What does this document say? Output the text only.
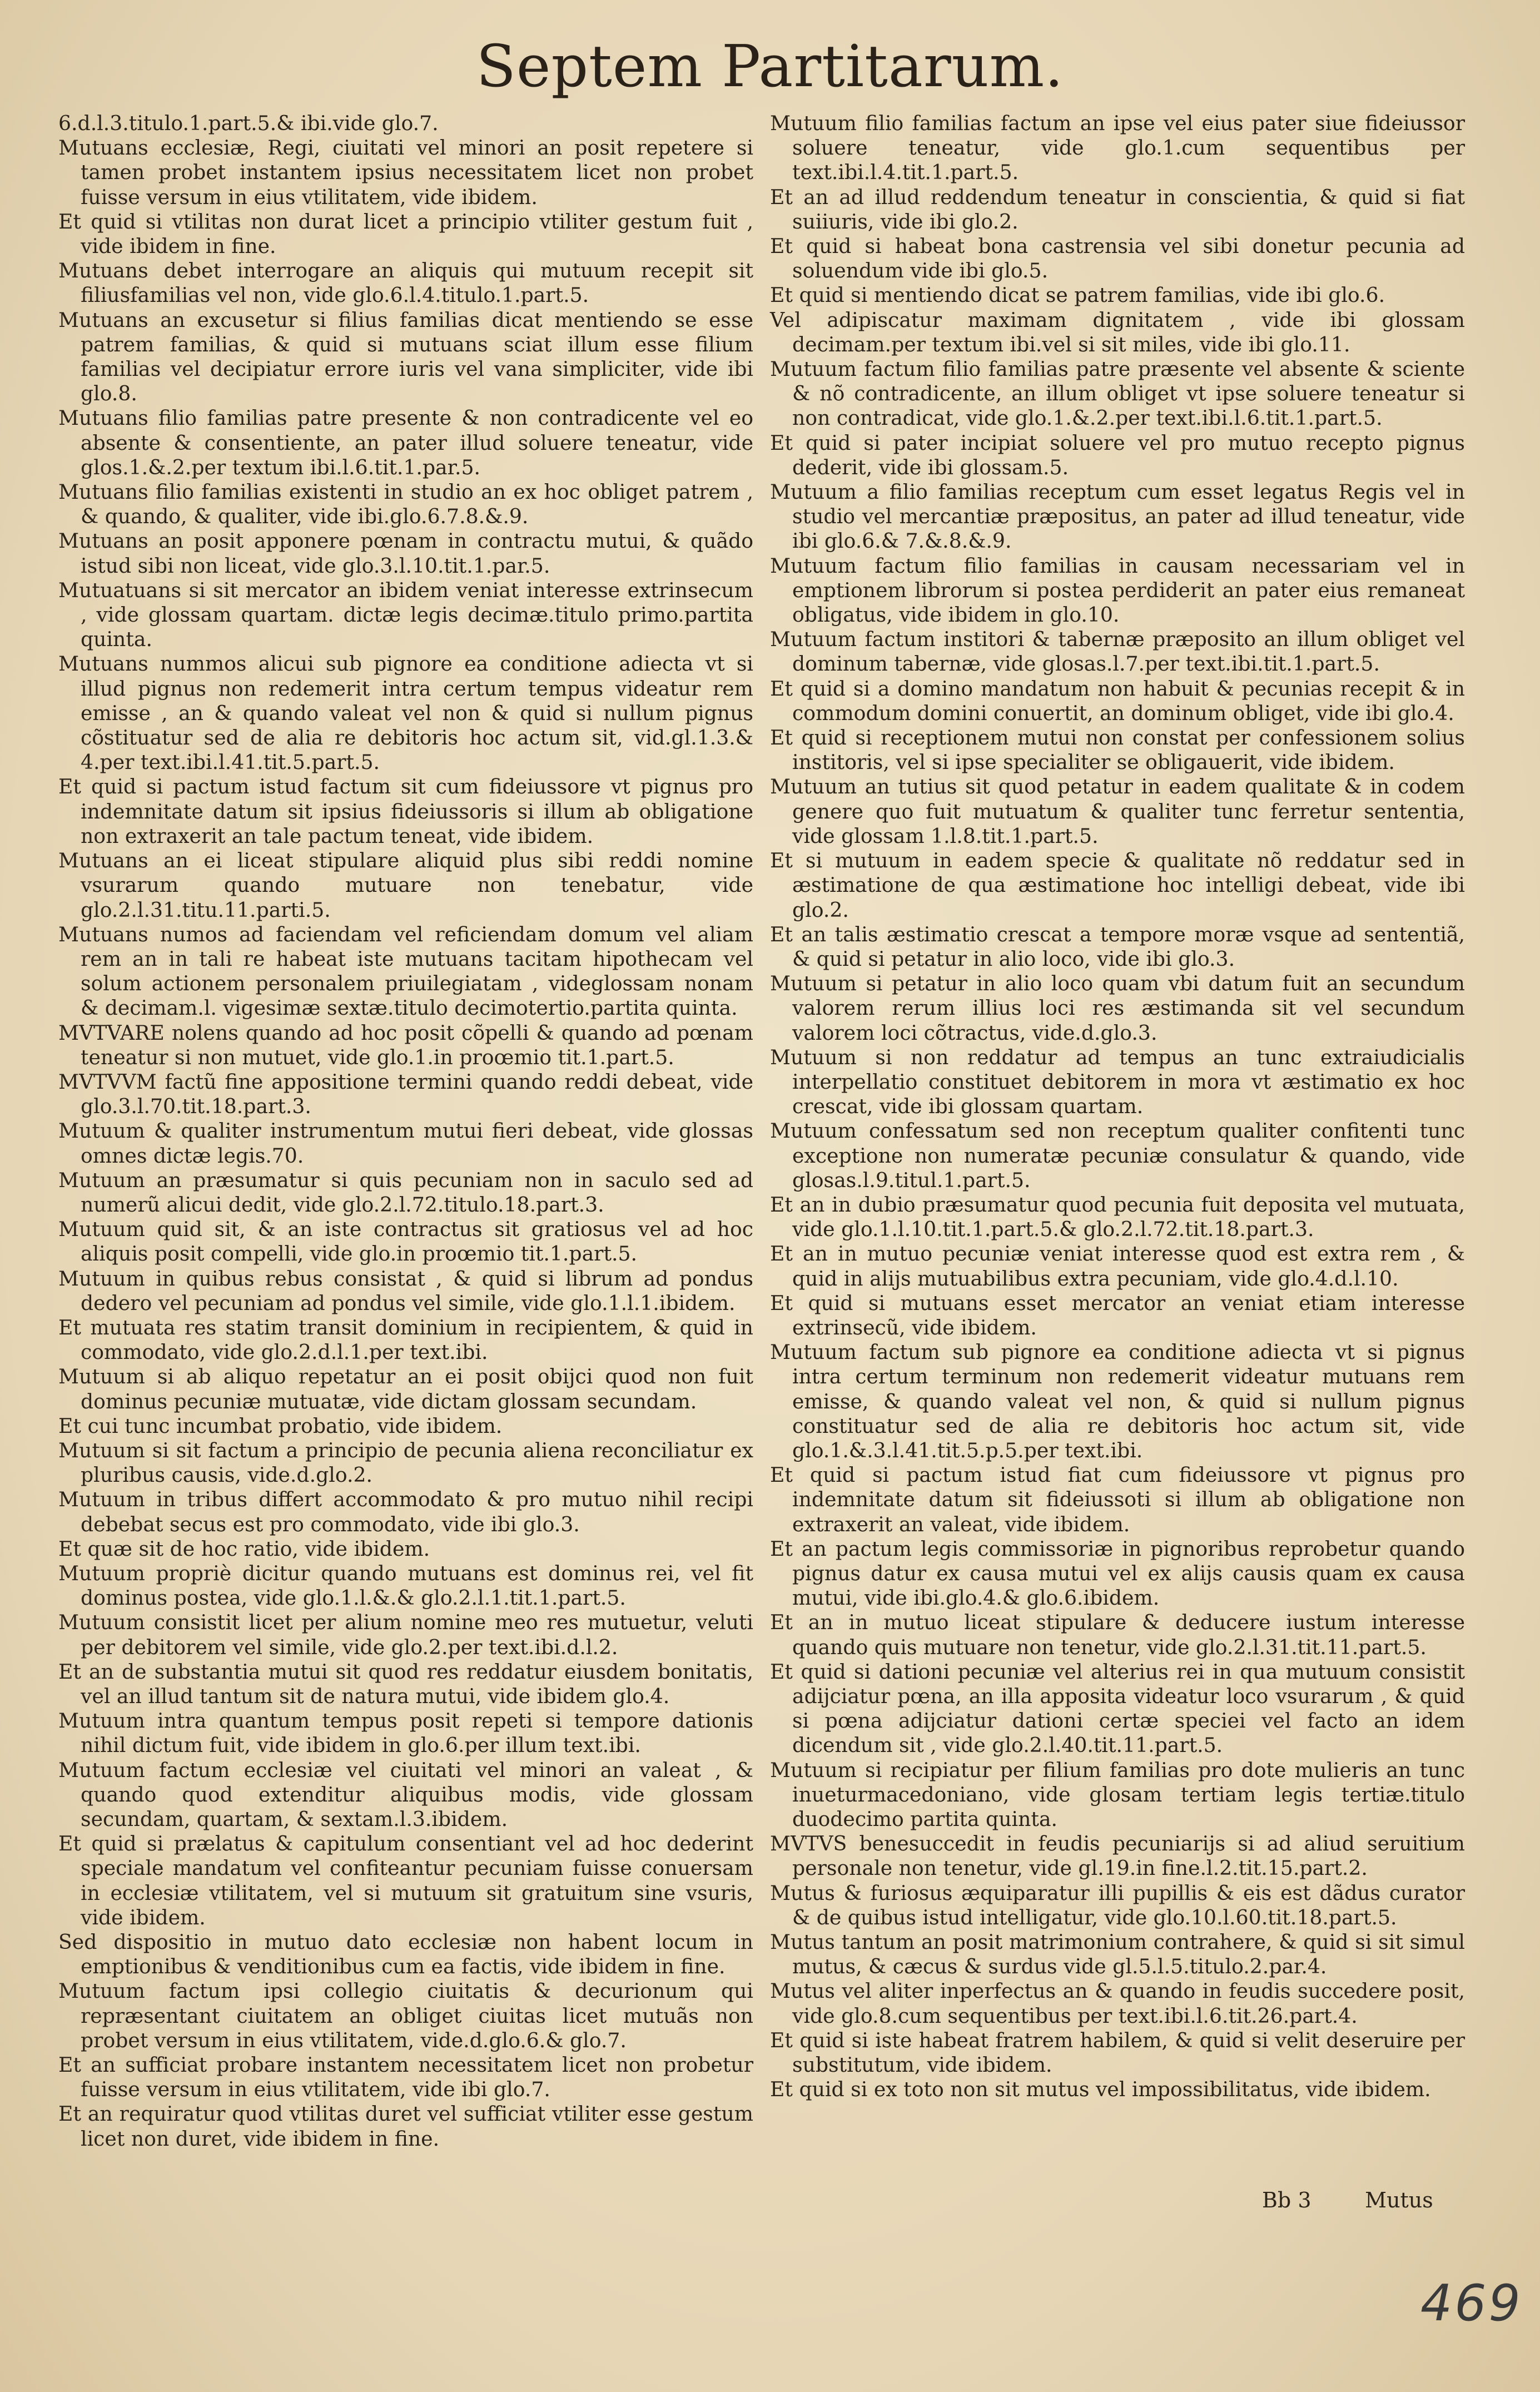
Septem Partitarum.
6.d.l.3.titulo.1.part.5.& ibi.vide glo.7.
Mutuans ecclesiæ, Regi, ciuitati vel minori an posit repetere si tamen probet instantem ipsius necessitatem licet non probet fuisse versum in eius vtilitatem, vide ibidem.
Et quid si vtilitas non durat licet a principio vtiliter gestum fuit , vide ibidem in fine.
Mutuans debet interrogare an aliquis qui mutuum recepit sit filiusfamilias vel non, vide glo.6.l.4.titulo.1.part.5.
Mutuans an excusetur si filius familias dicat mentiendo se esse patrem familias, & quid si mutuans sciat illum esse filium familias vel decipiatur errore iuris vel vana simpliciter, vide ibi glo.8.
Mutuans filio familias patre presente & non contradicente vel eo absente & consentiente, an pater illud soluere teneatur, vide glos.1.&.2.per textum ibi.l.6.tit.1.par.5.
Mutuans filio familias existenti in studio an ex hoc obliget patrem , & quando, & qualiter, vide ibi.glo.6.7.8.&.9.
Mutuans an posit apponere pœnam in contractu mutui, & quãdo istud sibi non liceat, vide glo.3.l.10.tit.1.par.5.
Mutuatuans si sit mercator an ibidem veniat interesse extrinsecum , vide glossam quartam. dictæ legis decimæ.titulo primo.partita quinta.
Mutuans nummos alicui sub pignore ea conditione adiecta vt si illud pignus non redemerit intra certum tempus videatur rem emisse , an & quando valeat vel non & quid si nullum pignus cõstituatur sed de alia re debitoris hoc actum sit, vid.gl.1.3.& 4.per text.ibi.l.41.tit.5.part.5.
Et quid si pactum istud factum sit cum fideiussore vt pignus pro indemnitate datum sit ipsius fideiussoris si illum ab obligatione non extraxerit an tale pactum teneat, vide ibidem.
Mutuans an ei liceat stipulare aliquid plus sibi reddi nomine vsurarum quando mutuare non tenebatur, vide glo.2.l.31.titu.11.parti.5.
Mutuans numos ad faciendam vel reficiendam domum vel aliam rem an in tali re habeat iste mutuans tacitam hipothecam vel solum actionem personalem priuilegiatam , videglossam nonam & decimam.l. vigesimæ sextæ.titulo decimotertio.partita quinta.
MVTVARE nolens quando ad hoc posit cõpelli & quando ad pœnam teneatur si non mutuet, vide glo.1.in proœmio tit.1.part.5.
MVTVVM factũ fine appositione termini quando reddi debeat, vide glo.3.l.70.tit.18.part.3.
Mutuum & qualiter instrumentum mutui fieri debeat, vide glossas omnes dictæ legis.70.
Mutuum an præsumatur si quis pecuniam non in saculo sed ad numerũ alicui dedit, vide glo.2.l.72.titulo.18.part.3.
Mutuum quid sit, & an iste contractus sit gratiosus vel ad hoc aliquis posit compelli, vide glo.in proœmio tit.1.part.5.
Mutuum in quibus rebus consistat , & quid si librum ad pondus dedero vel pecuniam ad pondus vel simile, vide glo.1.l.1.ibidem.
Et mutuata res statim transit dominium in recipientem, & quid in commodato, vide glo.2.d.l.1.per text.ibi.
Mutuum si ab aliquo repetatur an ei posit obijci quod non fuit dominus pecuniæ mutuatæ, vide dictam glossam secundam.
Et cui tunc incumbat probatio, vide ibidem.
Mutuum si sit factum a principio de pecunia aliena reconciliatur ex pluribus causis, vide.d.glo.2.
Mutuum in tribus differt accommodato & pro mutuo nihil recipi debebat secus est pro commodato, vide ibi glo.3.
Et quæ sit de hoc ratio, vide ibidem.
Mutuum propriè dicitur quando mutuans est dominus rei, vel fit dominus postea, vide glo.1.l.&.& glo.2.l.1.tit.1.part.5.
Mutuum consistit licet per alium nomine meo res mutuetur, veluti per debitorem vel simile, vide glo.2.per text.ibi.d.l.2.
Et an de substantia mutui sit quod res reddatur eiusdem bonitatis, vel an illud tantum sit de natura mutui, vide ibidem glo.4.
Mutuum intra quantum tempus posit repeti si tempore dationis nihil dictum fuit, vide ibidem in glo.6.per illum text.ibi.
Mutuum factum ecclesiæ vel ciuitati vel minori an valeat , & quando quod extenditur aliquibus modis, vide glossam secundam, quartam, & sextam.l.3.ibidem.
Et quid si prælatus & capitulum consentiant vel ad hoc dederint speciale mandatum vel confiteantur pecuniam fuisse conuersam in ecclesiæ vtilitatem, vel si mutuum sit gratuitum sine vsuris, vide ibidem.
Sed dispositio in mutuo dato ecclesiæ non habent locum in emptionibus & venditionibus cum ea factis, vide ibidem in fine.
Mutuum factum ipsi collegio ciuitatis & decurionum qui repræsentant ciuitatem an obliget ciuitas licet mutuãs non probet versum in eius vtilitatem, vide.d.glo.6.& glo.7.
Et an sufficiat probare instantem necessitatem licet non probetur fuisse versum in eius vtilitatem, vide ibi glo.7.
Et an requiratur quod vtilitas duret vel sufficiat vtiliter esse gestum licet non duret, vide ibidem in fine.
Mutuum filio familias factum an ipse vel eius pater siue fideiussor soluere teneatur, vide glo.1.cum sequentibus per text.ibi.l.4.tit.1.part.5.
Et an ad illud reddendum teneatur in conscientia, & quid si fiat suiiuris, vide ibi glo.2.
Et quid si habeat bona castrensia vel sibi donetur pecunia ad soluendum vide ibi glo.5.
Et quid si mentiendo dicat se patrem familias, vide ibi glo.6.
Vel adipiscatur maximam dignitatem , vide ibi glossam decimam.per textum ibi.vel si sit miles, vide ibi glo.11.
Mutuum factum filio familias patre præsente vel absente & sciente & nõ contradicente, an illum obliget vt ipse soluere teneatur si non contradicat, vide glo.1.&.2.per text.ibi.l.6.tit.1.part.5.
Et quid si pater incipiat soluere vel pro mutuo recepto pignus dederit, vide ibi glossam.5.
Mutuum a filio familias receptum cum esset legatus Regis vel in studio vel mercantiæ præpositus, an pater ad illud teneatur, vide ibi glo.6.& 7.&.8.&.9.
Mutuum factum filio familias in causam necessariam vel in emptionem librorum si postea perdiderit an pater eius remaneat obligatus, vide ibidem in glo.10.
Mutuum factum institori & tabernæ præposito an illum obliget vel dominum tabernæ, vide glosas.l.7.per text.ibi.tit.1.part.5.
Et quid si a domino mandatum non habuit & pecunias recepit & in commodum domini conuertit, an dominum obliget, vide ibi glo.4.
Et quid si receptionem mutui non constat per confessionem solius institoris, vel si ipse specialiter se obligauerit, vide ibidem.
Mutuum an tutius sit quod petatur in eadem qualitate & in codem genere quo fuit mutuatum & qualiter tunc ferretur sententia, vide glossam 1.l.8.tit.1.part.5.
Et si mutuum in eadem specie & qualitate nõ reddatur sed in æstimatione de qua æstimatione hoc intelligi debeat, vide ibi glo.2.
Et an talis æstimatio crescat a tempore moræ vsque ad sententiã, & quid si petatur in alio loco, vide ibi glo.3.
Mutuum si petatur in alio loco quam vbi datum fuit an secundum valorem rerum illius loci res æstimanda sit vel secundum valorem loci cõtractus, vide.d.glo.3.
Mutuum si non reddatur ad tempus an tunc extraiudicialis interpellatio constituet debitorem in mora vt æstimatio ex hoc crescat, vide ibi glossam quartam.
Mutuum confessatum sed non receptum qualiter confitenti tunc exceptione non numeratæ pecuniæ consulatur & quando, vide glosas.l.9.titul.1.part.5.
Et an in dubio præsumatur quod pecunia fuit deposita vel mutuata, vide glo.1.l.10.tit.1.part.5.& glo.2.l.72.tit.18.part.3.
Et an in mutuo pecuniæ veniat interesse quod est extra rem , & quid in alijs mutuabilibus extra pecuniam, vide glo.4.d.l.10.
Et quid si mutuans esset mercator an veniat etiam interesse extrinsecũ, vide ibidem.
Mutuum factum sub pignore ea conditione adiecta vt si pignus intra certum terminum non redemerit videatur mutuans rem emisse, & quando valeat vel non, & quid si nullum pignus constituatur sed de alia re debitoris hoc actum sit, vide glo.1.&.3.l.41.tit.5.p.5.per text.ibi.
Et quid si pactum istud fiat cum fideiussore vt pignus pro indemnitate datum sit fideiussoti si illum ab obligatione non extraxerit an valeat, vide ibidem.
Et an pactum legis commissoriæ in pignoribus reprobetur quando pignus datur ex causa mutui vel ex alijs causis quam ex causa mutui, vide ibi.glo.4.& glo.6.ibidem.
Et an in mutuo liceat stipulare & deducere iustum interesse quando quis mutuare non tenetur, vide glo.2.l.31.tit.11.part.5.
Et quid si dationi pecuniæ vel alterius rei in qua mutuum consistit adijciatur pœna, an illa apposita videatur loco vsurarum , & quid si pœna adijciatur dationi certæ speciei vel facto an idem dicendum sit , vide glo.2.l.40.tit.11.part.5.
Mutuum si recipiatur per filium familias pro dote mulieris an tunc inueturmacedoniano, vide glosam tertiam legis tertiæ.titulo duodecimo partita quinta.
MVTVS benesuccedit in feudis pecuniarijs si ad aliud seruitium personale non tenetur, vide gl.19.in fine.l.2.tit.15.part.2.
Mutus & furiosus æquiparatur illi pupillis & eis est dãdus curator & de quibus istud intelligatur, vide glo.10.l.60.tit.18.part.5.
Mutus tantum an posit matrimonium contrahere, & quid si sit simul mutus, & cæcus & surdus vide gl.5.l.5.titulo.2.par.4.
Mutus vel aliter inperfectus an & quando in feudis succedere posit, vide glo.8.cum sequentibus per text.ibi.l.6.tit.26.part.4.
Et quid si iste habeat fratrem habilem, & quid si velit deseruire per substitutum, vide ibidem.
Et quid si ex toto non sit mutus vel impossibilitatus, vide ibidem.
Bb 3	Mutus
469
